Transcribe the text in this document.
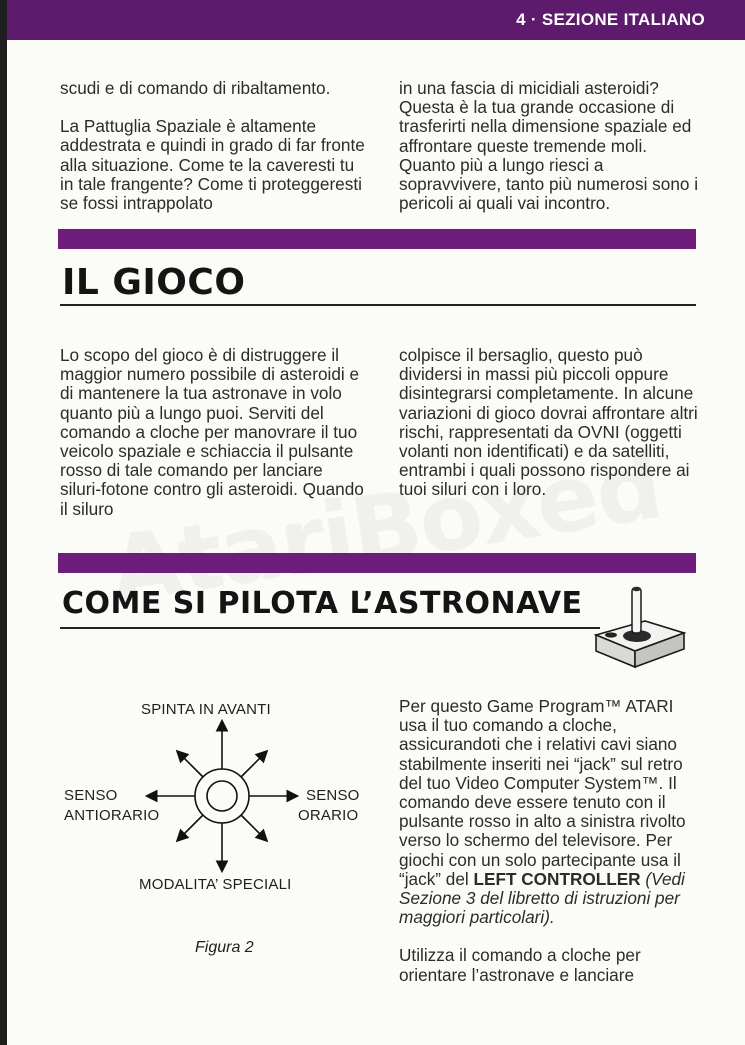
4 · SEZIONE ITALIANO

scudi e di comando di ribaltamento.

La Pattuglia Spaziale è altamente addestrata e quindi in grado di far fronte alla situazione. Come te la caveresti tu in tale frangente? Come ti proteggeresti se fossi intrappolato

in una fascia di micidiali asteroidi? Questa è la tua grande occasione di trasferirti nella dimensione spaziale ed affrontare queste tremende moli. Quanto più a lungo riesci a sopravvivere, tanto più numerosi sono i pericoli ai quali vai incontro.

IL GIOCO

Lo scopo del gioco è di distruggere il maggior numero possibile di asteroidi e di mantenere la tua astronave in volo quanto più a lungo puoi. Serviti del comando a cloche per manovrare il tuo veicolo spaziale e schiaccia il pulsante rosso di tale comando per lanciare siluri-fotone contro gli asteroidi. Quando il siluro

colpisce il bersaglio, questo può dividersi in massi più piccoli oppure disintegrarsi completamente. In alcune variazioni di gioco dovrai affrontare altri rischi, rappresentati da OVNI (oggetti volanti non identificati) e da satelliti, entrambi i quali possono rispondere ai tuoi siluri con i loro.

COME SI PILOTA L’ASTRONAVE
SPINTA IN AVANTI
SENSO
ANTIORARIO
SENSO
ORARIO
MODALITA’ SPECIALI
Figura 2

Per questo Game Program™ ATARI usa il tuo comando a cloche, assicurandoti che i relativi cavi siano stabilmente inseriti nei “jack” sul retro del tuo Video Computer System™. Il comando deve essere tenuto con il pulsante rosso in alto a sinistra rivolto verso lo schermo del televisore. Per giochi con un solo partecipante usa il “jack” del LEFT CONTROLLER (Vedi Sezione 3 del libretto di istruzioni per maggiori particolari).

Utilizza il comando a cloche per orientare l’astronave e lanciare
